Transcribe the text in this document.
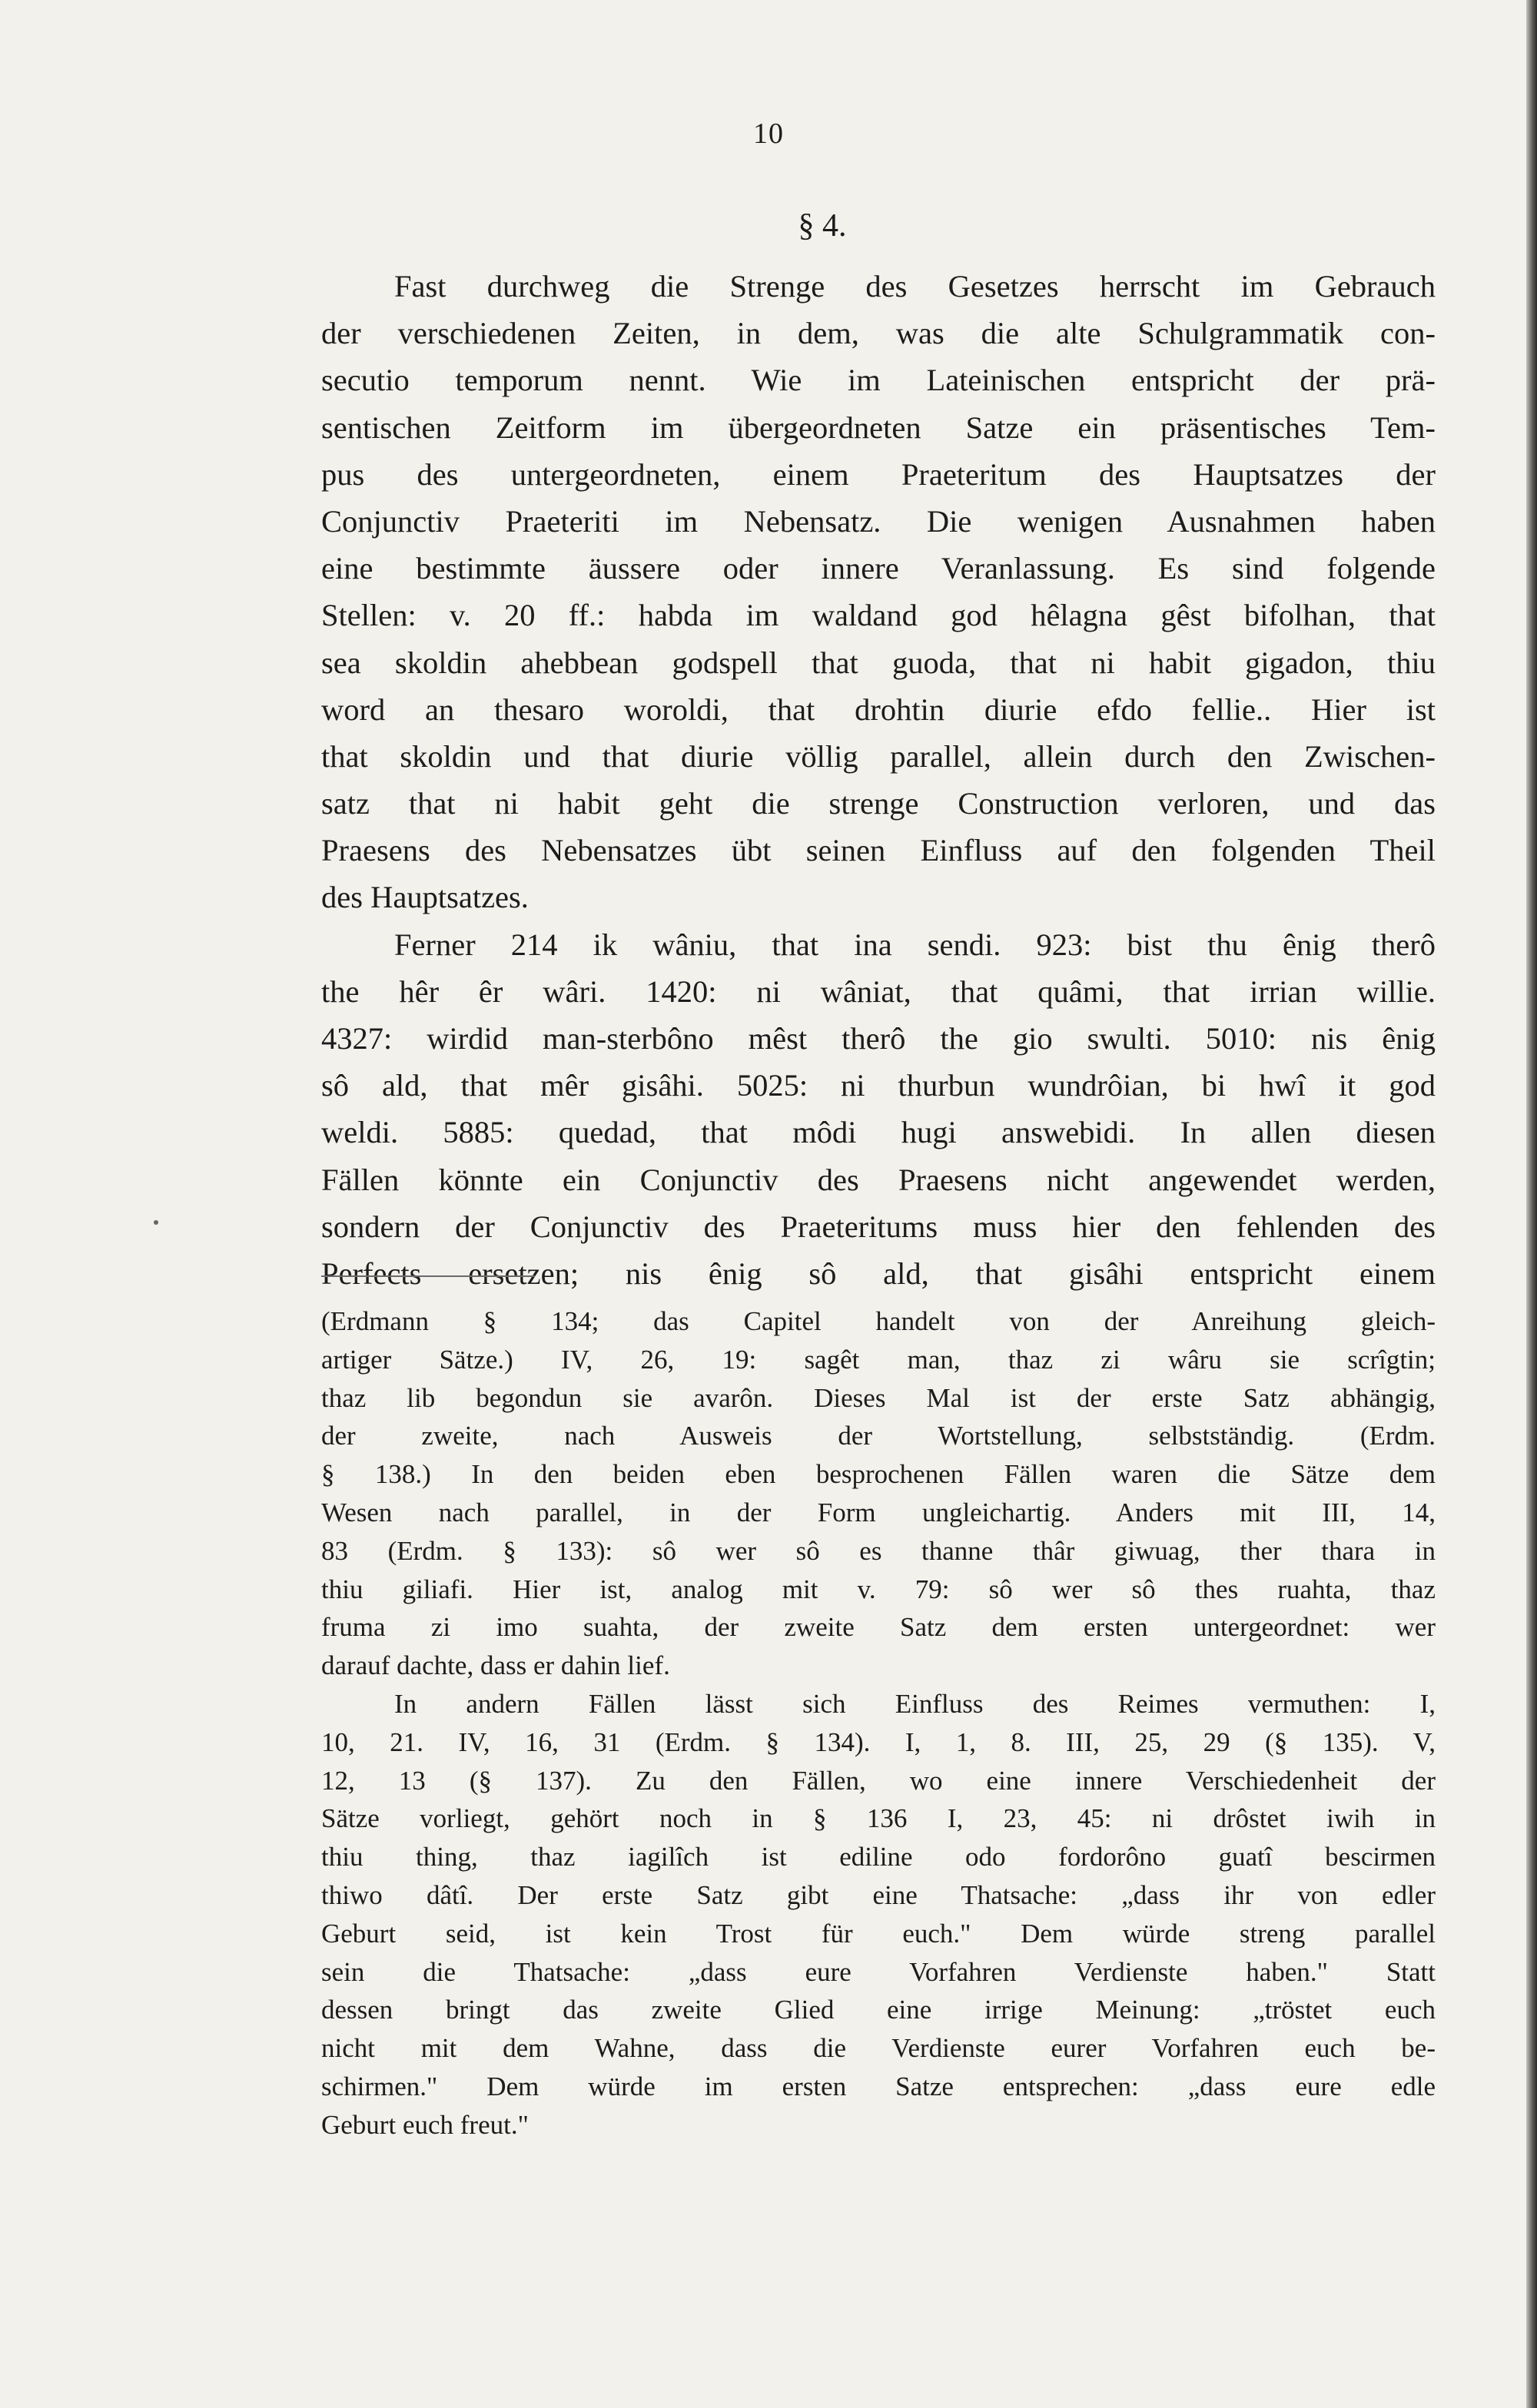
10
§ 4.
Fast durchweg die Strenge des Gesetzes herrscht im Gebrauch
der verschiedenen Zeiten, in dem, was die alte Schulgrammatik con-
secutio temporum nennt. Wie im Lateinischen entspricht der prä-
sentischen Zeitform im übergeordneten Satze ein präsentisches Tem-
pus des untergeordneten, einem Praeteritum des Hauptsatzes der
Conjunctiv Praeteriti im Nebensatz. Die wenigen Ausnahmen haben
eine bestimmte äussere oder innere Veranlassung. Es sind folgende
Stellen: v. 20 ff.: habda im waldand god hêlagna gêst bifolhan, that
sea skoldin ahebbean godspell that guoda, that ni habit gigadon, thiu
word an thesaro woroldi, that drohtin diurie efdo fellie.. Hier ist
that skoldin und that diurie völlig parallel, allein durch den Zwischen-
satz that ni habit geht die strenge Construction verloren, und das
Praesens des Nebensatzes übt seinen Einfluss auf den folgenden Theil
des Hauptsatzes.
Ferner 214 ik wâniu, that ina sendi. 923: bist thu ênig therô
the hêr êr wâri. 1420: ni wâniat, that quâmi, that irrian willie.
4327: wirdid man-sterbôno mêst therô the gio swulti. 5010: nis ênig
sô ald, that mêr gisâhi. 5025: ni thurbun wundrôian, bi hwî it god
weldi. 5885: quedad, that môdi hugi answebidi. In allen diesen
Fällen könnte ein Conjunctiv des Praesens nicht angewendet werden,
sondern der Conjunctiv des Praeteritums muss hier den fehlenden des
Perfects ersetzen; nis ênig sô ald, that gisâhi entspricht einem
(Erdmann § 134; das Capitel handelt von der Anreihung gleich-
artiger Sätze.) IV, 26, 19: sagêt man, thaz zi wâru sie scrîgtin;
thaz lib begondun sie avarôn. Dieses Mal ist der erste Satz abhängig,
der zweite, nach Ausweis der Wortstellung, selbstständig. (Erdm.
§ 138.) In den beiden eben besprochenen Fällen waren die Sätze dem
Wesen nach parallel, in der Form ungleichartig. Anders mit III, 14,
83 (Erdm. § 133): sô wer sô es thanne thâr giwuag, ther thara in
thiu giliafi. Hier ist, analog mit v. 79: sô wer sô thes ruahta, thaz
fruma zi imo suahta, der zweite Satz dem ersten untergeordnet: wer
darauf dachte, dass er dahin lief.
In andern Fällen lässt sich Einfluss des Reimes vermuthen: I,
10, 21. IV, 16, 31 (Erdm. § 134). I, 1, 8. III, 25, 29 (§ 135). V,
12, 13 (§ 137). Zu den Fällen, wo eine innere Verschiedenheit der
Sätze vorliegt, gehört noch in § 136 I, 23, 45: ni drôstet iwih in
thiu thing, thaz iagilîch ist ediline odo fordorôno guatî bescirmen
thiwo dâtî. Der erste Satz gibt eine Thatsache: „dass ihr von edler
Geburt seid, ist kein Trost für euch." Dem würde streng parallel
sein die Thatsache: „dass eure Vorfahren Verdienste haben." Statt
dessen bringt das zweite Glied eine irrige Meinung: „tröstet euch
nicht mit dem Wahne, dass die Verdienste eurer Vorfahren euch be-
schirmen." Dem würde im ersten Satze entsprechen: „dass eure edle
Geburt euch freut."
